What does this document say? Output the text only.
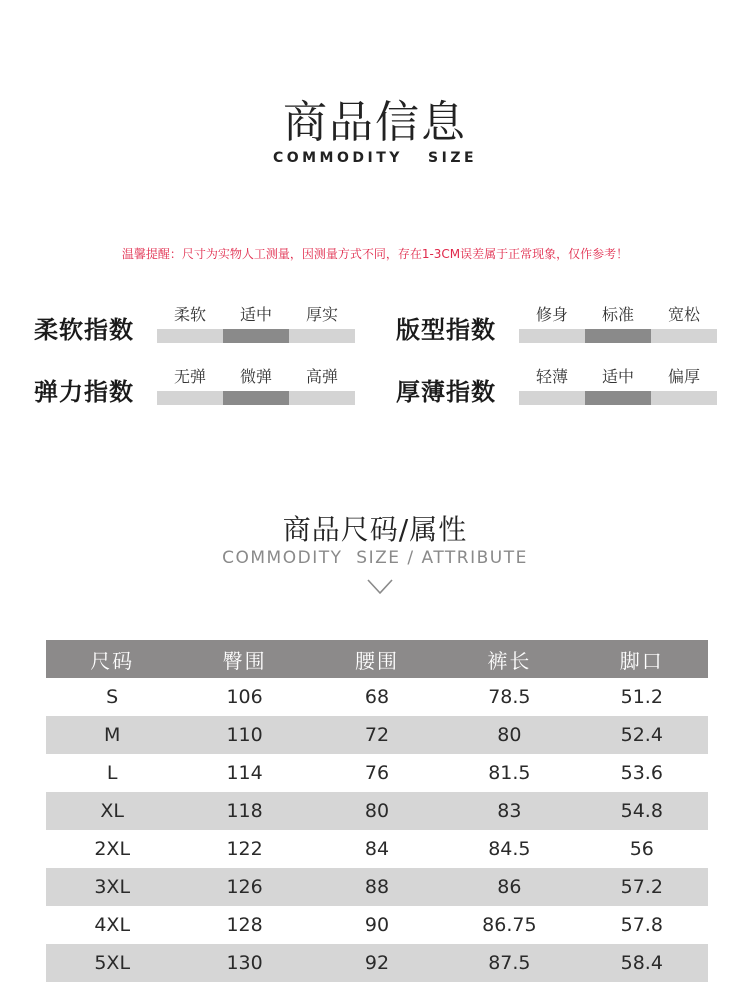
商品信息
COMMODITY   SIZE
温馨提醒：尺寸为实物人工测量，因测量方式不同，存在1-3CM误差属于正常现象，仅作参考！
柔软指数
柔软	适中	厚实
版型指数
修身	标准	宽松
弹力指数
无弹	微弹	高弹
厚薄指数
轻薄	适中	偏厚
商品尺码/属性
COMMODITY  SIZE / ATTRIBUTE
尺码	臀围	腰围	裤长	脚口
S	106	68	78.5	51.2
M	110	72	80	52.4
L	114	76	81.5	53.6
XL	118	80	83	54.8
2XL	122	84	84.5	56
3XL	126	88	86	57.2
4XL	128	90	86.75	57.8
5XL	130	92	87.5	58.4
